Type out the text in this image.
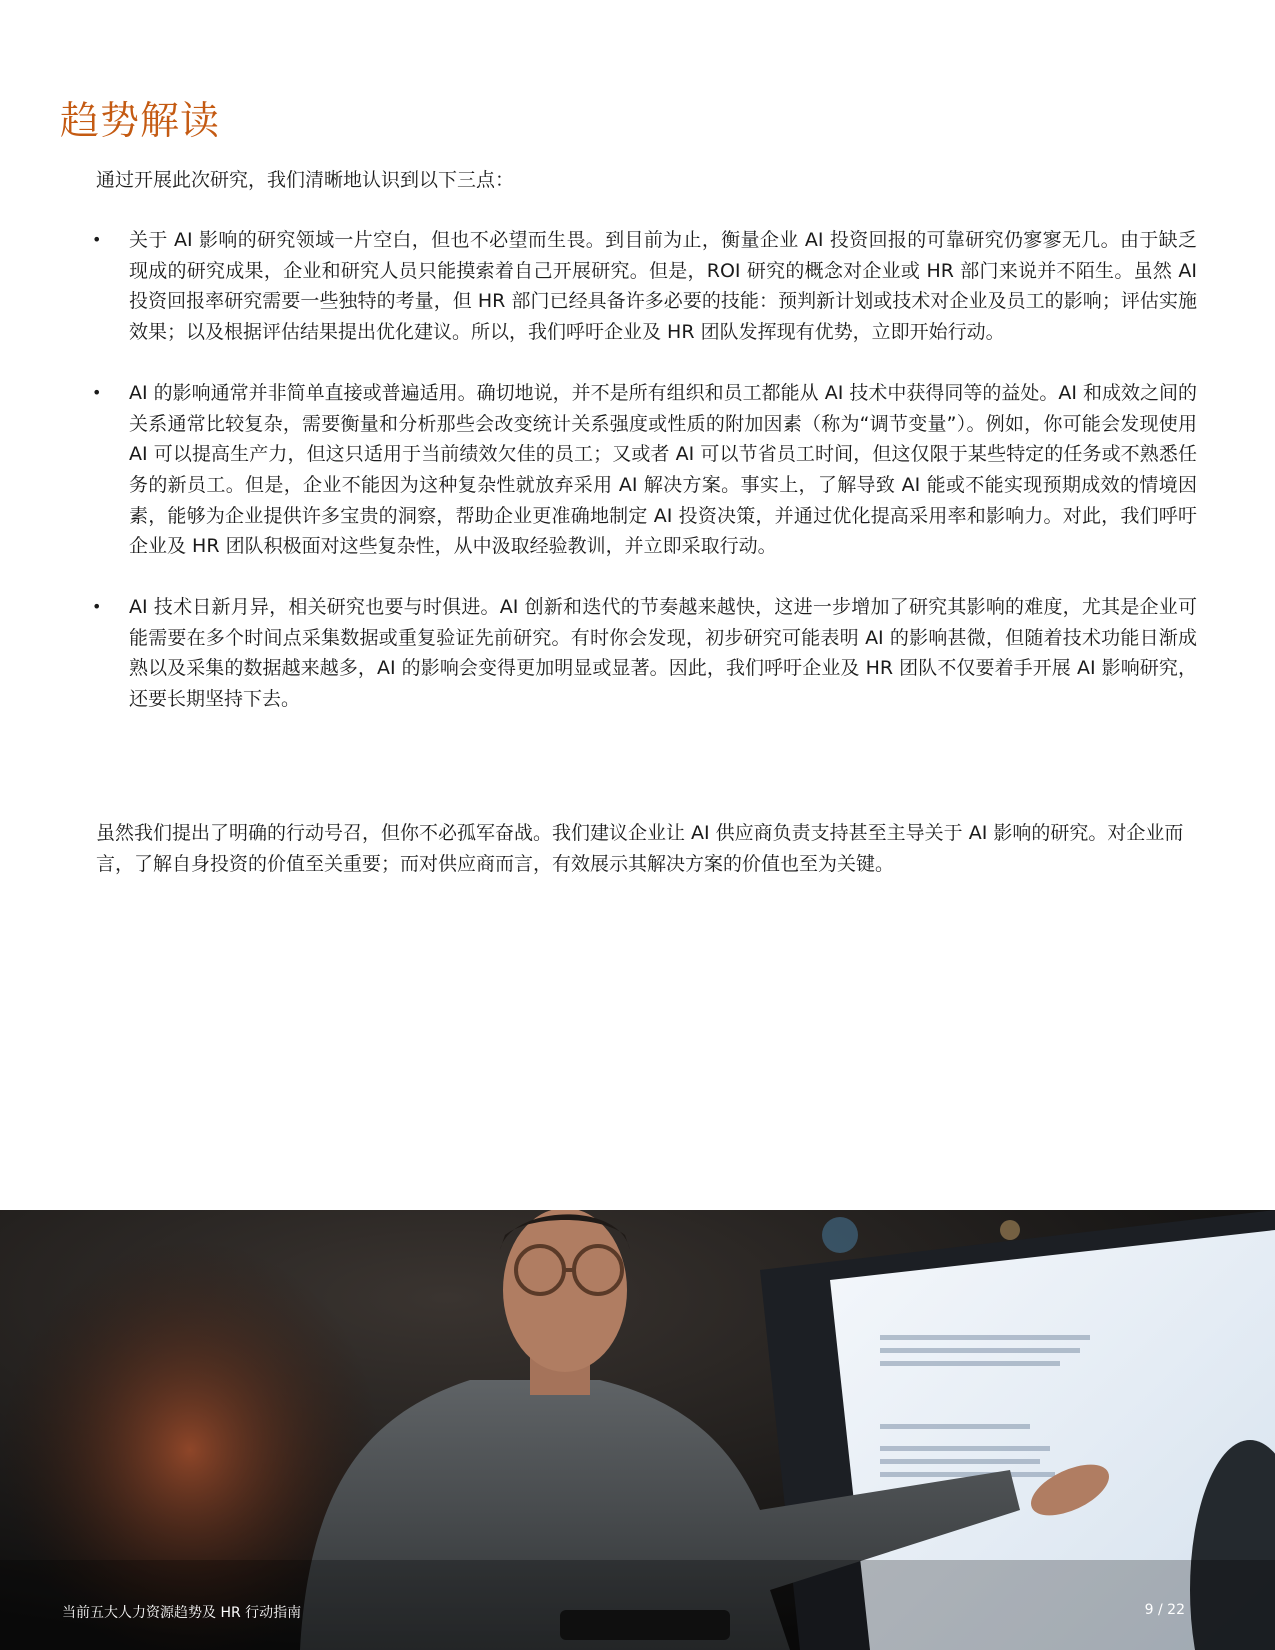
趋势解读

通过开展此次研究，我们清晰地认识到以下三点：

• 关于 AI 影响的研究领域一片空白，但也不必望而生畏。到目前为止，衡量企业 AI 投资回报的可靠研究仍寥寥无几。由于缺乏现成的研究成果，企业和研究人员只能摸索着自己开展研究。但是，ROI 研究的概念对企业或 HR 部门来说并不陌生。虽然 AI 投资回报率研究需要一些独特的考量，但 HR 部门已经具备许多必要的技能：预判新计划或技术对企业及员工的影响；评估实施效果；以及根据评估结果提出优化建议。所以，我们呼吁企业及 HR 团队发挥现有优势，立即开始行动。
• AI 的影响通常并非简单直接或普遍适用。确切地说，并不是所有组织和员工都能从 AI 技术中获得同等的益处。AI 和成效之间的关系通常比较复杂，需要衡量和分析那些会改变统计关系强度或性质的附加因素（称为“调节变量”）。例如，你可能会发现使用 AI 可以提高生产力，但这只适用于当前绩效欠佳的员工；又或者 AI 可以节省员工时间，但这仅限于某些特定的任务或不熟悉任务的新员工。但是，企业不能因为这种复杂性就放弃采用 AI 解决方案。事实上，了解导致 AI 能或不能实现预期成效的情境因素，能够为企业提供许多宝贵的洞察，帮助企业更准确地制定 AI 投资决策，并通过优化提高采用率和影响力。对此，我们呼吁企业及 HR 团队积极面对这些复杂性，从中汲取经验教训，并立即采取行动。
• AI 技术日新月异，相关研究也要与时俱进。AI 创新和迭代的节奏越来越快，这进一步增加了研究其影响的难度，尤其是企业可能需要在多个时间点采集数据或重复验证先前研究。有时你会发现，初步研究可能表明 AI 的影响甚微，但随着技术功能日渐成熟以及采集的数据越来越多，AI 的影响会变得更加明显或显著。因此，我们呼吁企业及 HR 团队不仅要着手开展 AI 影响研究，还要长期坚持下去。

虽然我们提出了明确的行动号召，但你不必孤军奋战。我们建议企业让 AI 供应商负责支持甚至主导关于 AI 影响的研究。对企业而言，了解自身投资的价值至关重要；而对供应商而言，有效展示其解决方案的价值也至为关键。

当前五大人力资源趋势及 HR 行动指南	9 / 22
